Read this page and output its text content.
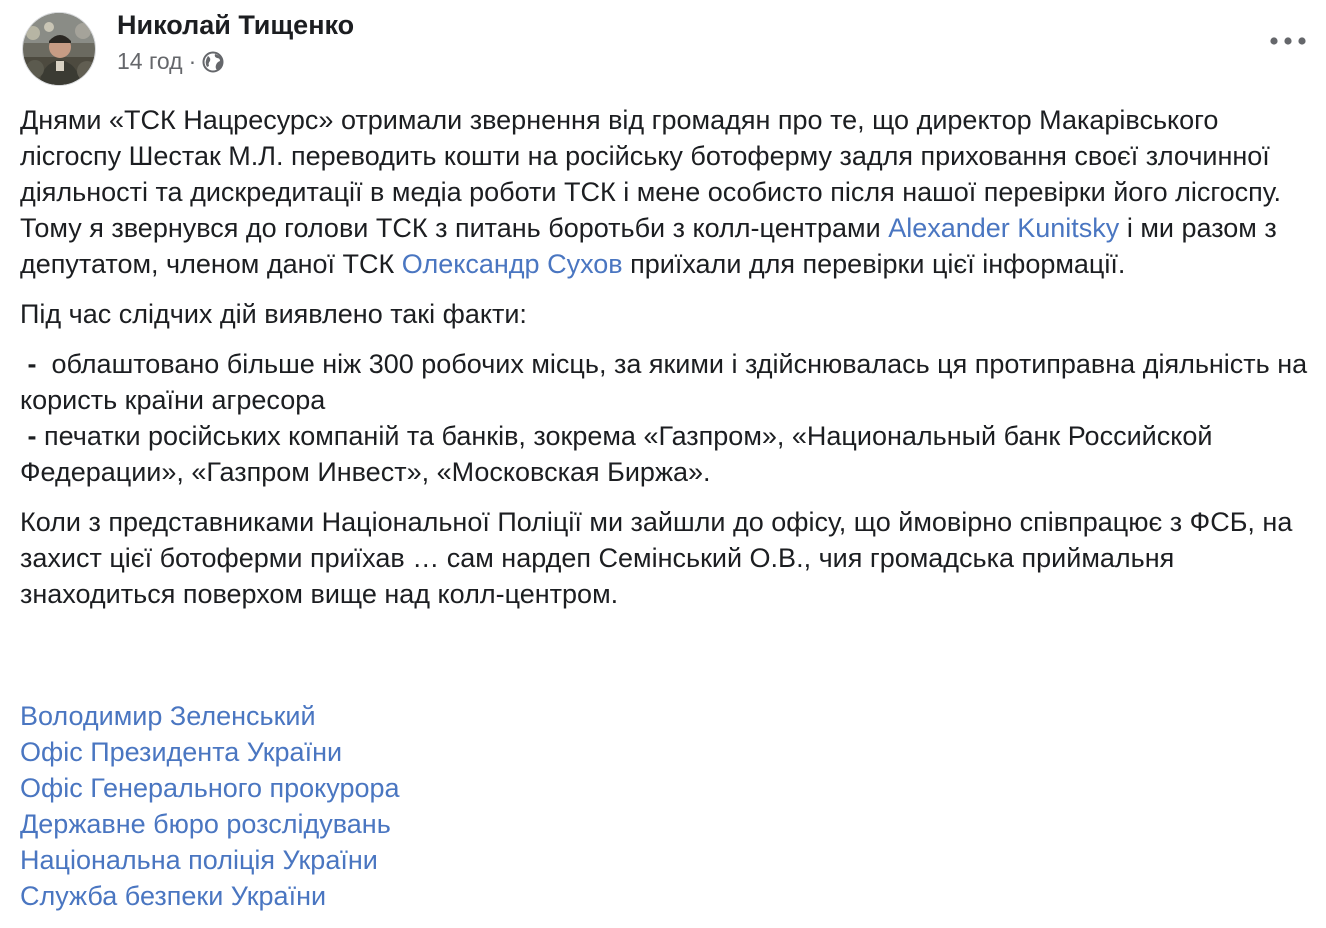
Николай Тищенко
14 год ·

Днями «ТСК Нацресурс» отримали звернення від громадян про те, що директор Макарівського лісгоспу Шестак М.Л. переводить кошти на російську ботоферму задля приховання своєї злочинної діяльності та дискредитації в медіа роботи ТСК і мене особисто після нашої перевірки його лісгоспу.
Тому я звернувся до голови ТСК з питань боротьби з колл-центрами Alexander Kunitsky і ми разом з депутатом, членом даної ТСК Олександр Сухов приїхали для перевірки цієї інформації.

Під час слідчих дій виявлено такі факти:

- облаштовано більше ніж 300 робочих місць, за якими і здійснювалась ця протиправна діяльність на користь країни агресора

- печатки російських компаній та банків, зокрема «Газпром», «Национальный банк Российской Федерации», «Газпром Инвест», «Московская Биржа».

Коли з представниками Національної Поліції ми зайшли до офісу, що ймовірно співпрацює з ФСБ, на захист цієї ботоферми приїхав … сам нардеп Семінський О.В., чия громадська приймальня знаходиться поверхом вище над колл-центром.

Володимир Зеленський
Офіс Президента України
Офіс Генерального прокурора
Державне бюро розслідувань
Національна поліція України
Служба безпеки України
